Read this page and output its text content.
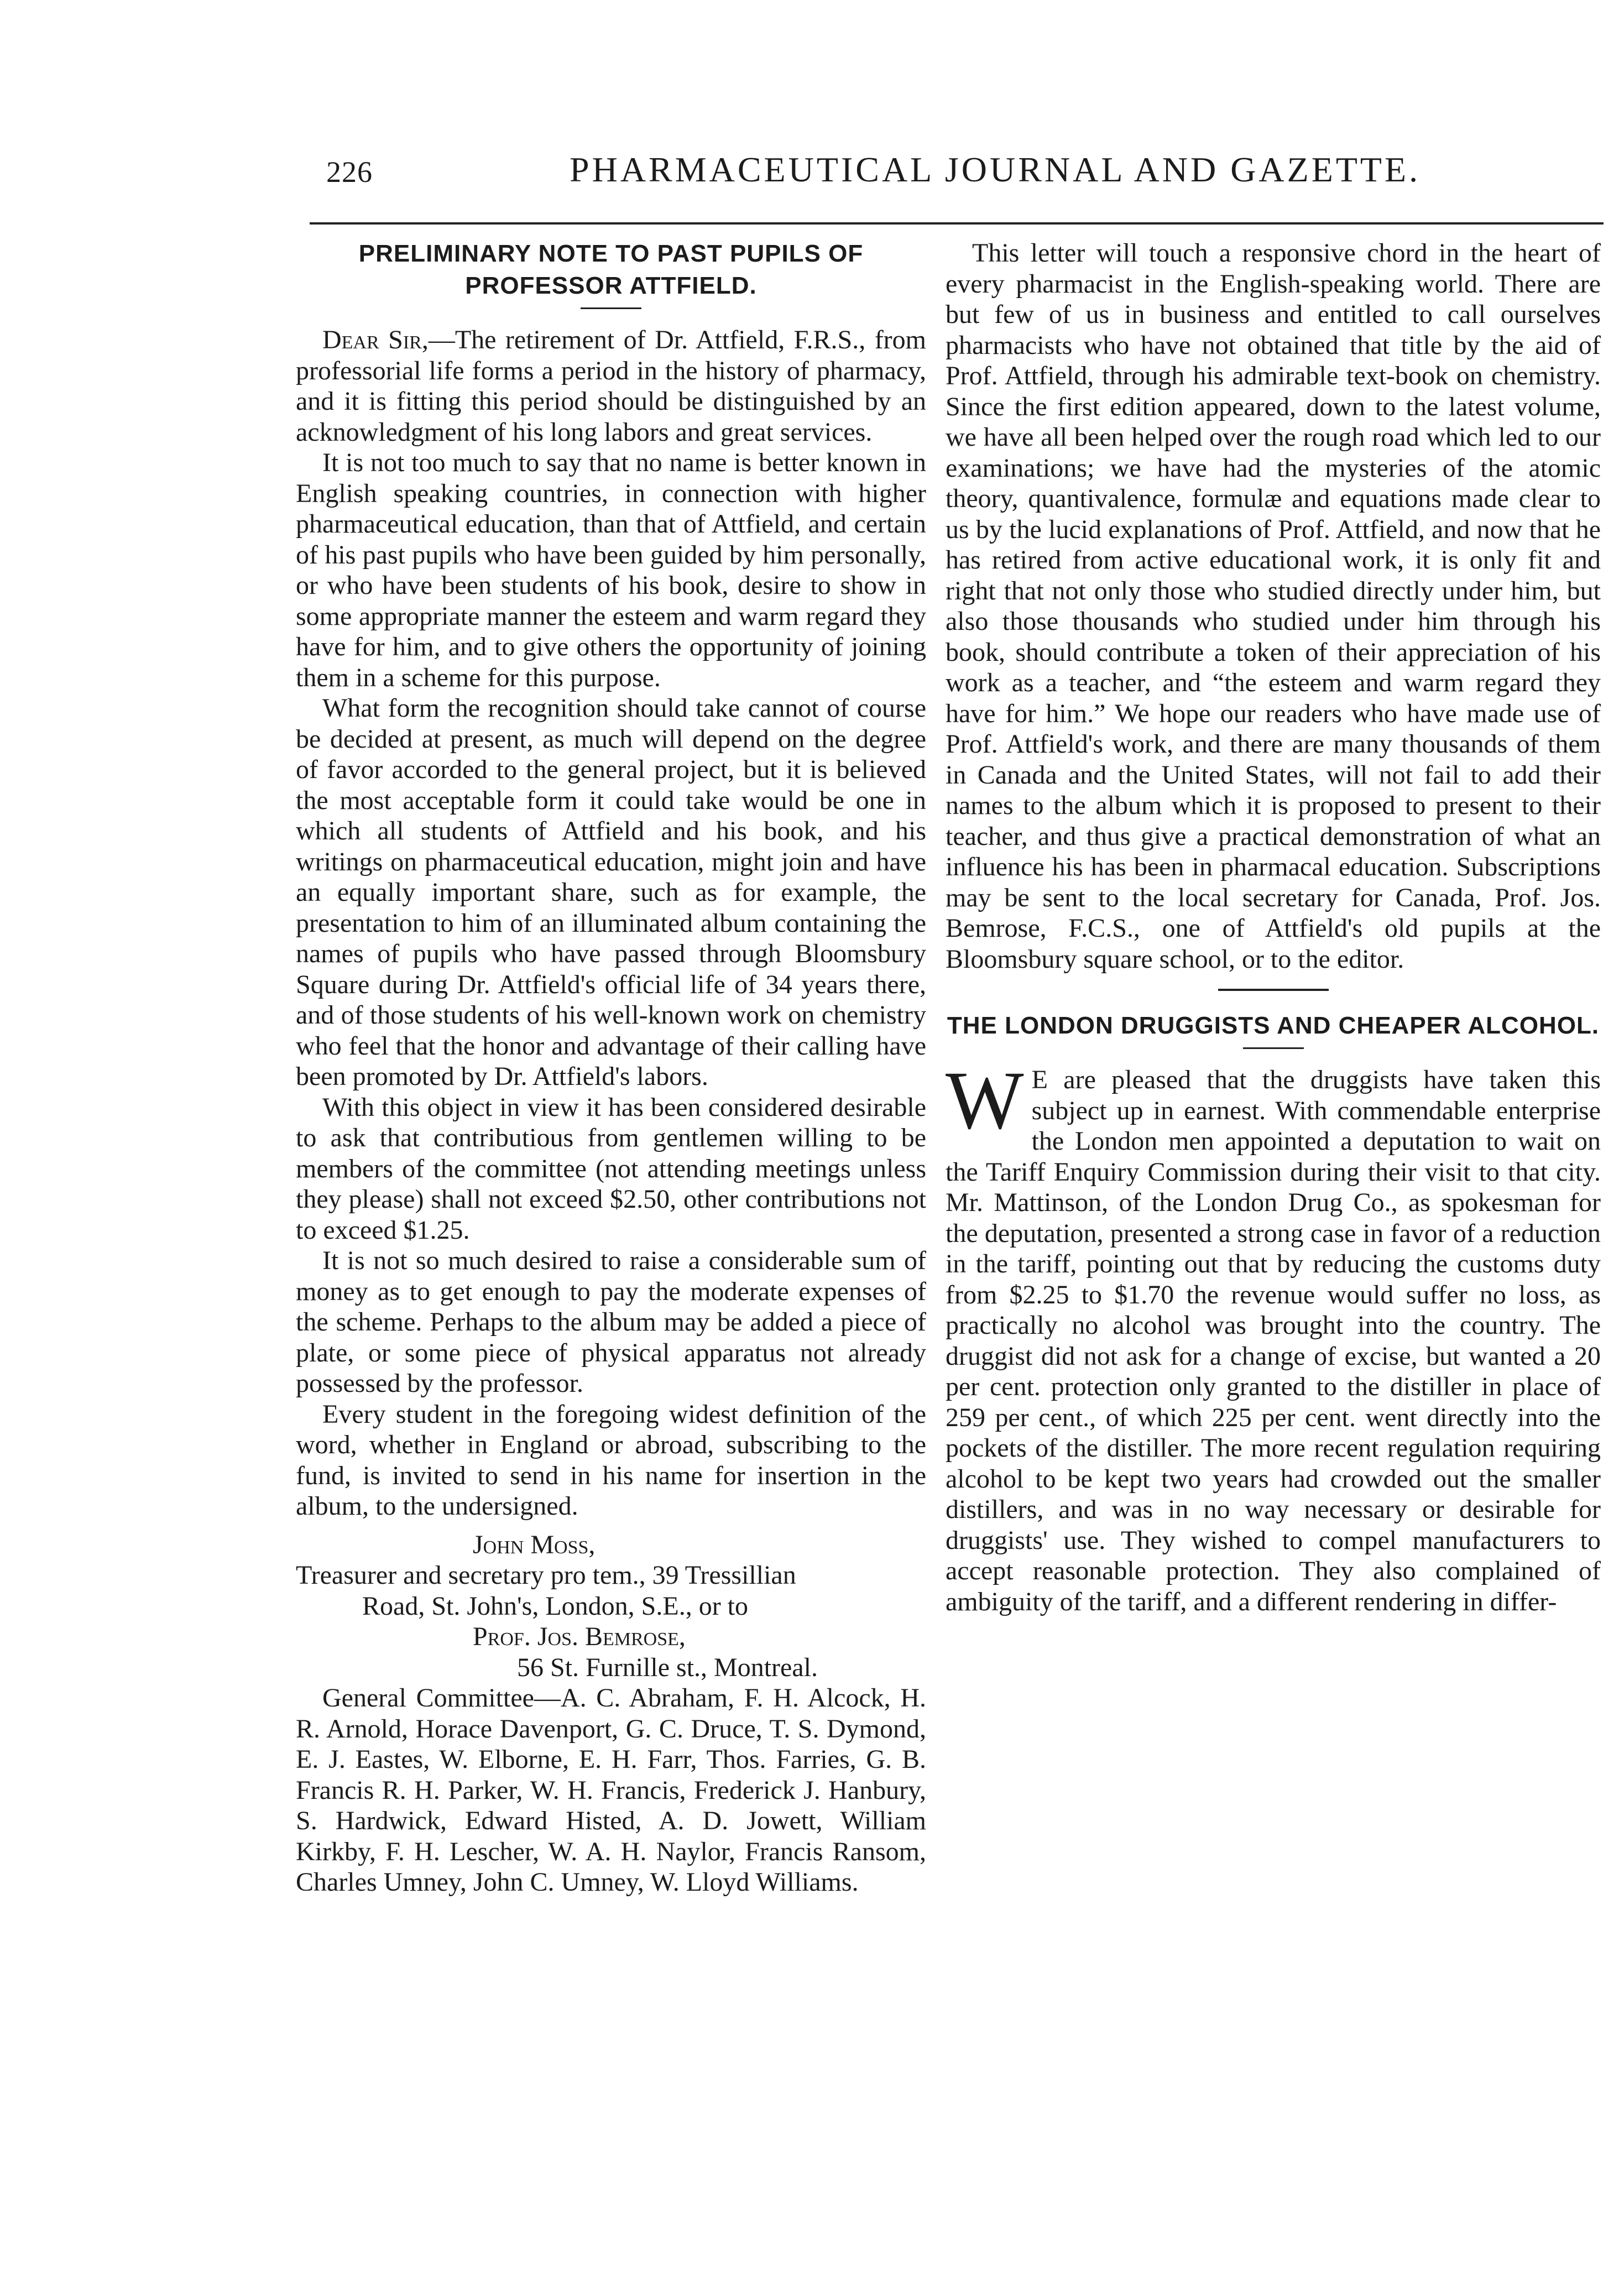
226	PHARMACEUTICAL JOURNAL AND GAZETTE.
PRELIMINARY NOTE TO PAST PUPILS OF PROFESSOR ATTFIELD.

Dear Sir,—The retirement of Dr. Attfield, F.R.S., from professorial life forms a period in the history of pharmacy, and it is fitting this period should be distinguished by an acknowledgment of his long labors and great services.

It is not too much to say that no name is better known in English speaking countries, in connection with higher pharmaceutical education, than that of Attfield, and certain of his past pupils who have been guided by him personally, or who have been students of his book, desire to show in some appropriate manner the esteem and warm regard they have for him, and to give others the opportunity of joining them in a scheme for this purpose.

What form the recognition should take cannot of course be decided at present, as much will depend on the degree of favor accorded to the general project, but it is believed the most acceptable form it could take would be one in which all students of Attfield and his book, and his writings on pharmaceutical education, might join and have an equally important share, such as for example, the presentation to him of an illuminated album containing the names of pupils who have passed through Bloomsbury Square during Dr. Attfield's official life of 34 years there, and of those students of his well-known work on chemistry who feel that the honor and advantage of their calling have been promoted by Dr. Attfield's labors.

With this object in view it has been considered desirable to ask that contributious from gentlemen willing to be members of the committee (not attending meetings unless they please) shall not exceed $2.50, other contributions not to exceed $1.25.

It is not so much desired to raise a considerable sum of money as to get enough to pay the moderate expenses of the scheme. Perhaps to the album may be added a piece of plate, or some piece of physical apparatus not already possessed by the professor.

Every student in the foregoing widest definition of the word, whether in England or abroad, subscribing to the fund, is invited to send in his name for insertion in the album, to the undersigned.

John Moss,

Treasurer and secretary pro tem., 39 Tressillian

Road, St. John's, London, S.E., or to

Prof. Jos. Bemrose,

56 St. Furnille st., Montreal.

General Committee—A. C. Abraham, F. H. Alcock, H. R. Arnold, Horace Davenport, G. C. Druce, T. S. Dymond, E. J. Eastes, W. Elborne, E. H. Farr, Thos. Farries, G. B. Francis R. H. Parker, W. H. Francis, Frederick J. Hanbury, S. Hardwick, Edward Histed, A. D. Jowett, William Kirkby, F. H. Lescher, W. A. H. Naylor, Francis Ransom, Charles Umney, John C. Umney, W. Lloyd Williams.

This letter will touch a responsive chord in the heart of every pharmacist in the English-speaking world. There are but few of us in business and entitled to call ourselves pharmacists who have not obtained that title by the aid of Prof. Attfield, through his admirable text-book on chemistry. Since the first edition appeared, down to the latest volume, we have all been helped over the rough road which led to our examinations; we have had the mysteries of the atomic theory, quantivalence, formulæ and equations made clear to us by the lucid explanations of Prof. Attfield, and now that he has retired from active educational work, it is only fit and right that not only those who studied directly under him, but also those thousands who studied under him through his book, should contribute a token of their appreciation of his work as a teacher, and “the esteem and warm regard they have for him.” We hope our readers who have made use of Prof. Attfield's work, and there are many thousands of them in Canada and the United States, will not fail to add their names to the album which it is proposed to present to their teacher, and thus give a practical demonstration of what an influence his has been in pharmacal education. Subscriptions may be sent to the local secretary for Canada, Prof. Jos. Bemrose, F.C.S., one of Attfield's old pupils at the Bloomsbury square school, or to the editor.

THE LONDON DRUGGISTS AND CHEAPER ALCOHOL.

W E are pleased that the druggists have taken this subject up in earnest. With commendable enterprise the London men appointed a deputation to wait on the Tariff Enquiry Commission during their visit to that city. Mr. Mattinson, of the London Drug Co., as spokesman for the deputation, presented a strong case in favor of a reduction in the tariff, pointing out that by reducing the customs duty from $2.25 to $1.70 the revenue would suffer no loss, as practically no alcohol was brought into the country. The druggist did not ask for a change of excise, but wanted a 20 per cent. protection only granted to the distiller in place of 259 per cent., of which 225 per cent. went directly into the pockets of the distiller. The more recent regulation requiring alcohol to be kept two years had crowded out the smaller distillers, and was in no way necessary or desirable for druggists' use. They wished to compel manufacturers to accept reasonable protection. They also complained of ambiguity of the tariff, and a different rendering in differ-
